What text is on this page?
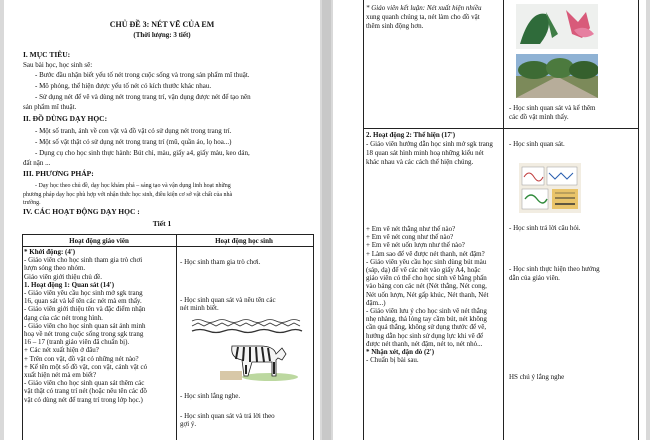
CHỦ ĐỀ 3: NÉT VẼ CỦA EM
(Thời lượng: 3 tiết)
I. MỤC TIÊU:
Sau bài học, học sinh sẽ:
- Bước đầu nhận biết yếu tố nét trong cuộc sống và trong sản phẩm mĩ thuật.
- Mô phỏng, thể hiện được yếu tố nét có kích thước khác nhau.
- Sử dụng nét để vẽ và dùng nét trong trang trí, vận dụng được nét để tạo nên
sản phẩm mĩ thuật.
II. ĐỒ DÙNG DẠY HỌC:
- Một số tranh, ảnh về con vật và đồ vật có sử dụng nét trong trang trí.
- Một số vật thật có sử dụng nét trong trang trí (mũ, quần áo, lọ hoa...)
- Dụng cụ cho học sinh thực hành: Bút chì, màu, giấy a4, giấy màu, keo dán,
đất nặn ...
III. PHƯƠNG PHÁP:
- Dạy học theo chủ đề, dạy học khám phá – sáng tạo và vận dụng linh hoạt những
phương pháp dạy học phù hợp với nhận thức học sinh, điều kiện cơ sở vật chất của nhà
trường.
IV. CÁC HOẠT ĐỘNG DẠY HỌC :
Tiết 1
Hoạt động giáo viên	Hoạt động học sinh
* Khởi động: (4')
- Giáo viên cho học sinh tham gia trò chơi
lượn sóng theo nhóm.
Giáo viên giới thiệu chủ đề.
1. Hoạt động 1: Quan sát (14')
- Giáo viên yêu cầu học sinh mở sgk trang
16, quan sát và kể tên các nét mà em thấy.
- Giáo viên giới thiệu tên và đặc điểm nhận
dạng của các nét trong hình.
- Giáo viên cho học sinh quan sát ảnh minh
hoạ về nét trong cuộc sống trong sgk trang
16 – 17 (tranh giáo viên đã chuẩn bị).
+ Các nét xuất hiện ở đâu?
+ Trên con vật, đồ vật có những nét nào?
+ Kể tên một số đồ vật, con vật, cảnh vật có
xuất hiện nét mà em biết?
- Giáo viên cho học sinh quan sát thêm các
vật thật có trang trí nét (hoặc nêu tên các đồ
vật có dùng nét để trang trí trong lớp học.)
- Học sinh tham gia trò chơi.
- Học sinh quan sát và nêu tên các
nét minh biết.
- Học sinh lắng nghe.
- Học sinh quan sát và trả lời theo
gợi ý.
* Giáo viên kết luận: Nét xuất hiện nhiều
xung quanh chúng ta, nét làm cho đồ vật
thêm sinh động hơn.
- Học sinh quan sát và kể thêm
các đồ vật mình thấy.
2. Hoạt động 2: Thể hiện (17')
- Giáo viên hướng dẫn học sinh mở sgk trang
18 quan sát hình minh hoạ những kiểu nét
khác nhau và các cách thể hiện chúng.
- Học sinh quan sát.
+ Em vẽ nét thẳng như thế nào?
+ Em vẽ nét cong như thế nào?
+ Em vẽ nét uốn lượn như thế nào?
+ Làm sao để vẽ được nét thanh, nét đậm?
- Giáo viên yêu cầu học sinh dùng bút màu
(sáp, dạ) để vẽ các nét vào giấy A4, hoặc
giáo viên có thể cho học sinh vẽ bằng phấn
vào bảng con các nét (Nét thẳng, Nét cong,
Nét uốn lượn, Nét gấp khúc, Nét thanh, Nét
đậm...)
- Giáo viên lưu ý cho học sinh vẽ nét thẳng
nhẹ nhàng, thả lỏng tay cầm bút, nét không
cần quá thẳng, không sử dụng thước để vẽ,
hướng dẫn học sinh sử dụng lực khi vẽ để
được nét thanh, nét đậm, nét to, nét nhỏ...
* Nhận xét, dặn dò (2')
- Chuẩn bị bài sau.
- Học sinh trả lời câu hỏi.
- Học sinh thực hiện theo hướng
dẫn của giáo viên.
HS chú ý lắng nghe
